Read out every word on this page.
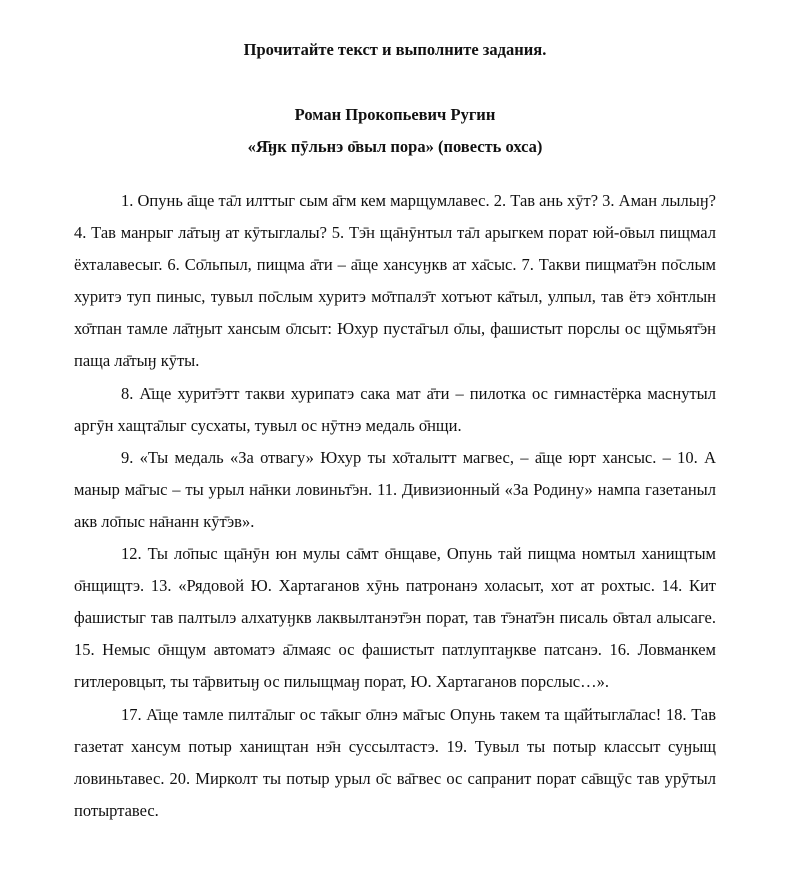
Прочитайте текст и выполните задания.
Роман Прокопьевич Ругин
«Я̄ӈк пӯльнэ о̄выл пора» (повесть охса)

1. Опунь а̄ще та̄л илттыг сым а̄гм кем марщумлавес. 2. Тав ань хӯт? 3. Аман лылыӈ? 4. Тав манрыг ла̄тыӈ ат кӯтыглалы? 5. Тэ̄н ща̄нӯнтыл та̄л арыгкем порат юй-о̄выл пищмал ёхталавесыг. 6. Со̄льпыл, пищма а̄ти – а̄ще хансуӈкв ат ха̄сыс. 7. Такви пищмат̄эн по̄слым хуритэ туп пиныс, тувыл по̄слым хуритэ мо̄тпалэ̄т хотъют ка̄тыл, улпыл, тав ётэ хо̄нтлын хо̄тпан тамле ла̄тӈыт хансым о̄лсыт: Юхур пуста̄гыл о̄лы, фашистыт порслы ос щӯмьят̄эн паща ла̄тыӈ кӯты.

8. А̄ще хурит̄этт такви хурипатэ сака мат а̄ти – пилотка ос гимнастёрка маснутыл аргӯн хащта̄лыг сусхаты, тувыл ос нӯтнэ медаль о̄нщи.

9. «Ты медаль «За отвагу» Юхур ты хо̄талытт магвес, – а̄ще юрт хансыс. – 10. А маныр ма̄гыс – ты урыл на̄нки ловиньт̄эн. 11. Дивизионный «За Родину» нампа газетаныл акв ло̄пыс на̄нанн кӯт̄эв».

12. Ты ло̄пыс ща̄нӯн юн мулы са̄мт о̄нщаве, Опунь тай пищма номтыл ханищтым о̄нщищтэ. 13. «Рядовой Ю. Хартаганов хӯнь патронанэ холасыт, хот ат рохтыс. 14. Кит фашистыг тав палтылэ алхатуӈкв лаквылтанэт̄эн порат, тав т̄энат̄эн писаль о̄втал алысаге. 15. Немыс о̄нщум автоматэ а̄лмаяс ос фашистыт патлуптаӈкве патсанэ. 16. Ловманкем гитлеровцыт, ты та̄рвитыӈ ос пилыщмаӈ порат, Ю. Хартаганов порслыс…».

17. А̄ще тамле пилта̄лыг ос та̄кыг о̄лнэ ма̄гыс Опунь такем та ща̄йтыгла̄лас! 18. Тав газетат хансум потыр ханищтан нэ̄н суссылтастэ. 19. Тувыл ты потыр классыт суӈыщ ловиньтавес. 20. Мирколт ты потыр урыл о̄с ва̄гвес ос сапранит порат са̄вщӯс тав урӯтыл потыртавес.
